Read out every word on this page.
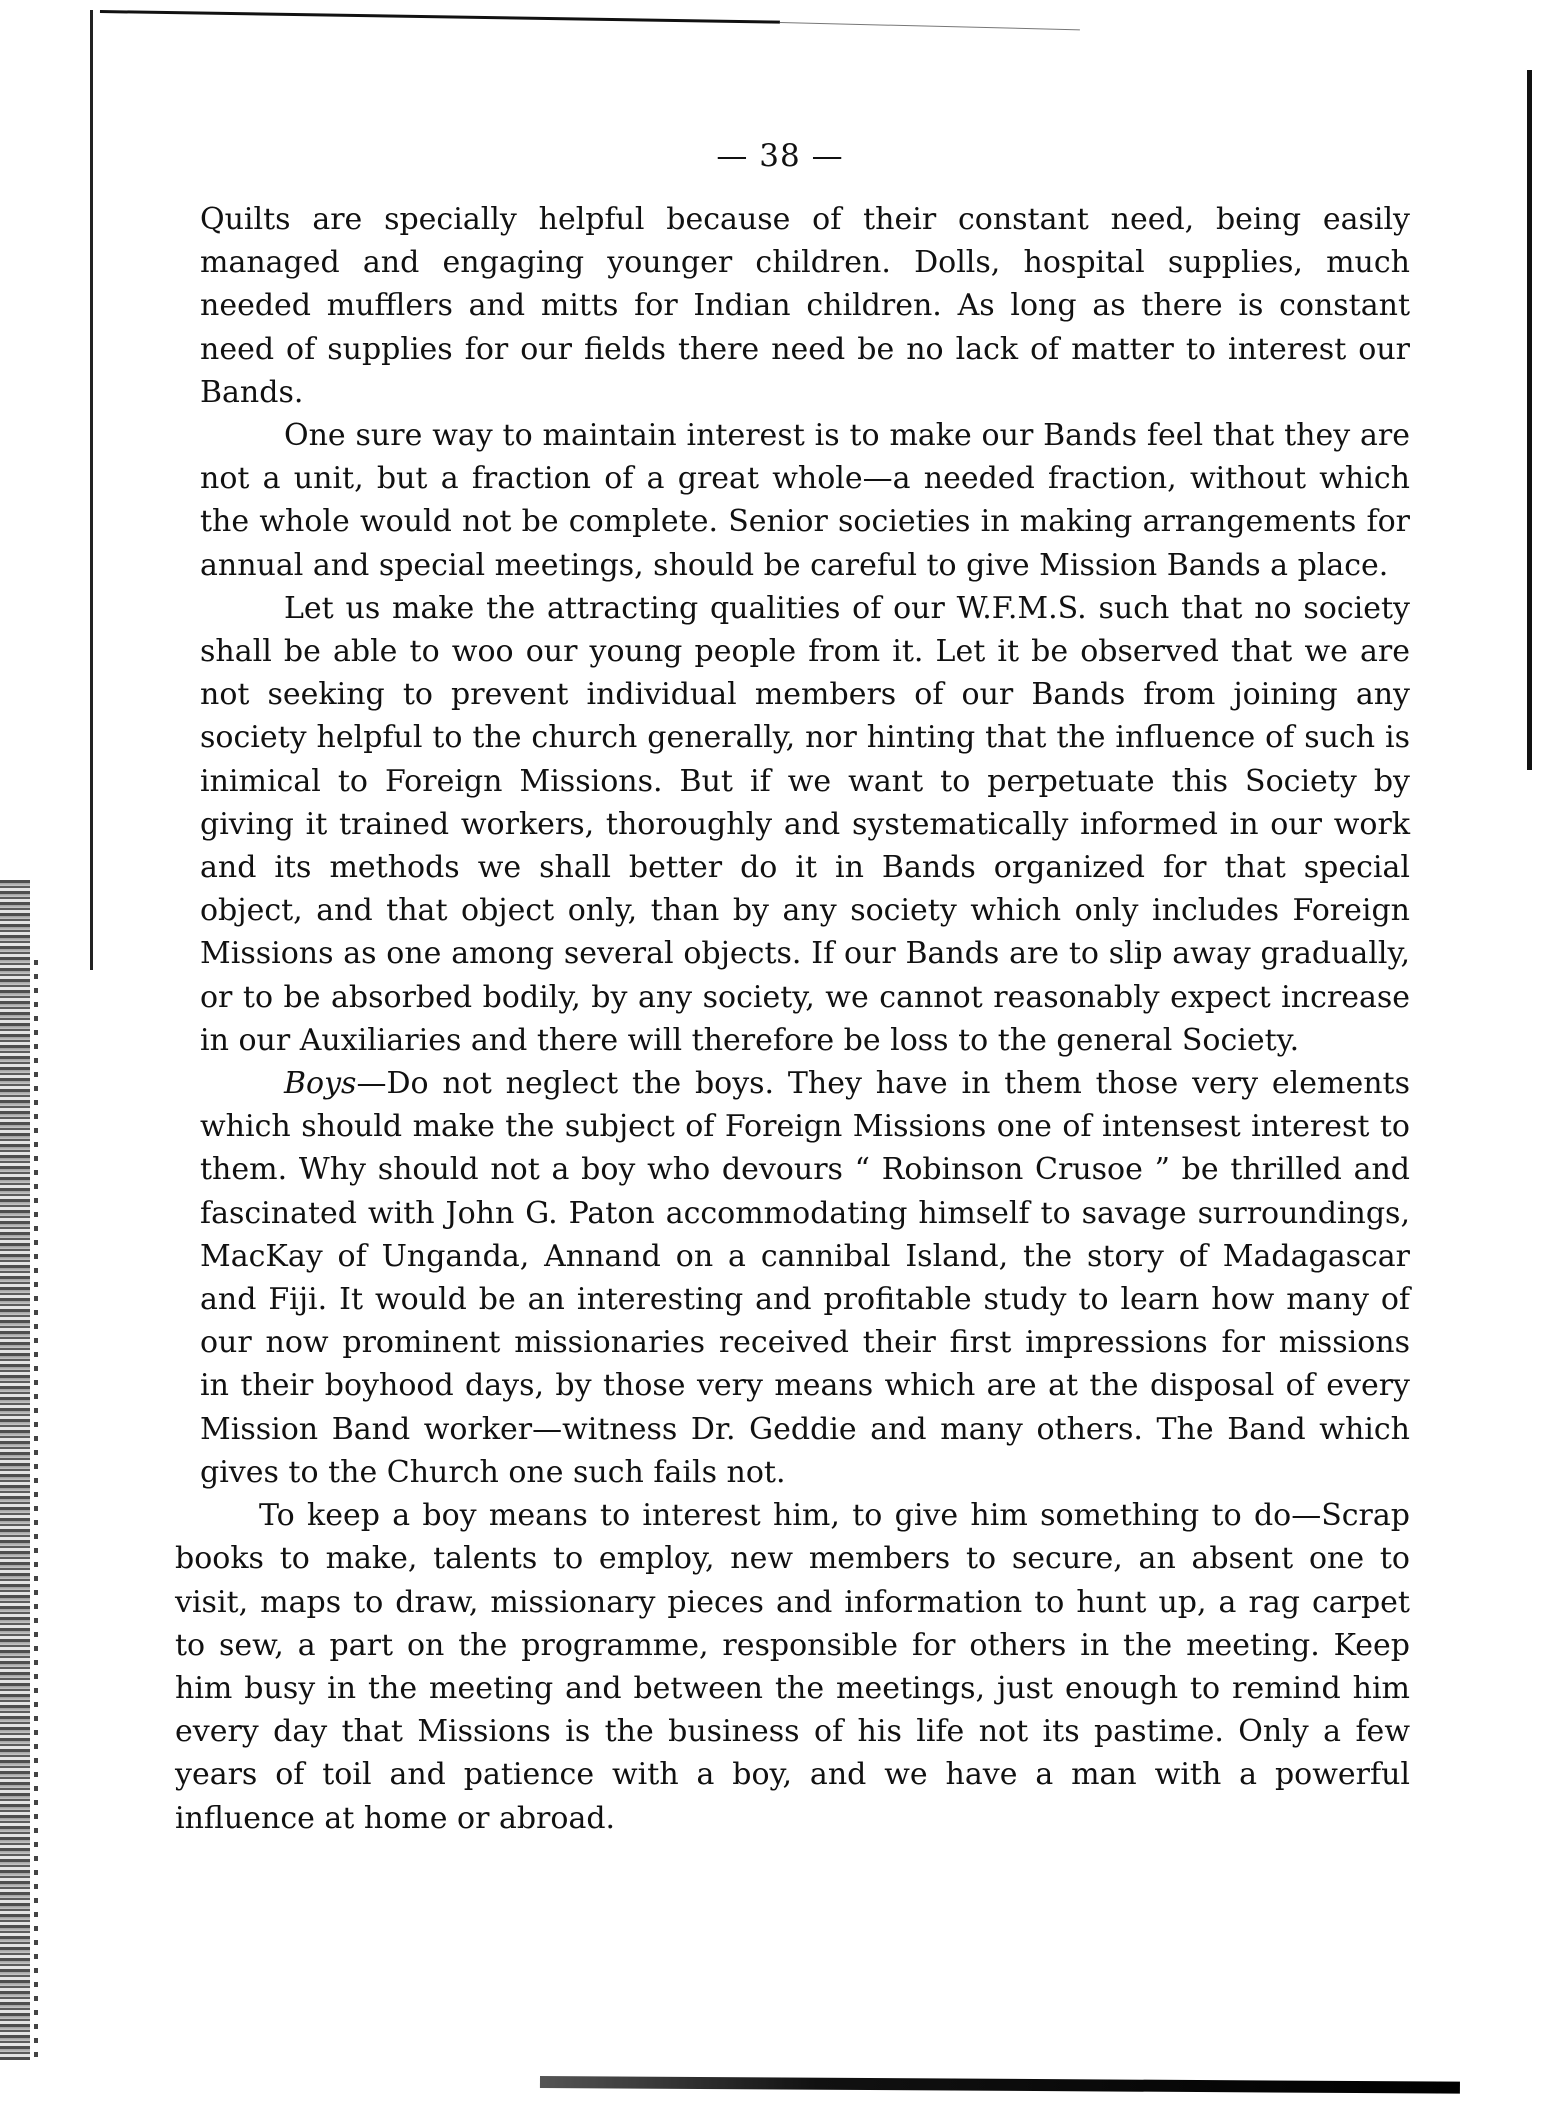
— 38 —

Quilts are specially helpful because of their constant need, being easily managed and engaging younger children. Dolls, hospital supplies, much needed mufflers and mitts for Indian children. As long as there is constant need of supplies for our fields there need be no lack of matter to interest our Bands.

One sure way to maintain interest is to make our Bands feel that they are not a unit, but a fraction of a great whole—a needed fraction, without which the whole would not be complete. Senior societies in making arrangements for annual and special meetings, should be careful to give Mission Bands a place.

Let us make the attracting qualities of our W.F.M.S. such that no society shall be able to woo our young people from it. Let it be observed that we are not seeking to prevent individual members of our Bands from joining any society helpful to the church generally, nor hinting that the influence of such is inimical to Foreign Missions. But if we want to perpetuate this Society by giving it trained workers, thoroughly and systematically informed in our work and its methods we shall better do it in Bands organized for that special object, and that object only, than by any society which only includes Foreign Missions as one among several objects. If our Bands are to slip away gradually, or to be absorbed bodily, by any society, we cannot reasonably expect increase in our Auxiliaries and there will therefore be loss to the general Society.

Boys—Do not neglect the boys. They have in them those very elements which should make the subject of Foreign Missions one of intensest interest to them. Why should not a boy who devours “ Robinson Crusoe ” be thrilled and fascinated with John G. Paton accommodating himself to savage surroundings, MacKay of Unganda, Annand on a cannibal Island, the story of Madagascar and Fiji. It would be an interesting and profitable study to learn how many of our now prominent missionaries received their first impressions for missions in their boyhood days, by those very means which are at the disposal of every Mission Band worker—witness Dr. Geddie and many others. The Band which gives to the Church one such fails not.

To keep a boy means to interest him, to give him something to do—Scrap books to make, talents to employ, new members to secure, an absent one to visit, maps to draw, missionary pieces and information to hunt up, a rag carpet to sew, a part on the programme, responsible for others in the meeting. Keep him busy in the meeting and between the meetings, just enough to remind him every day that Missions is the business of his life not its pastime. Only a few years of toil and patience with a boy, and we have a man with a powerful influence at home or abroad.
